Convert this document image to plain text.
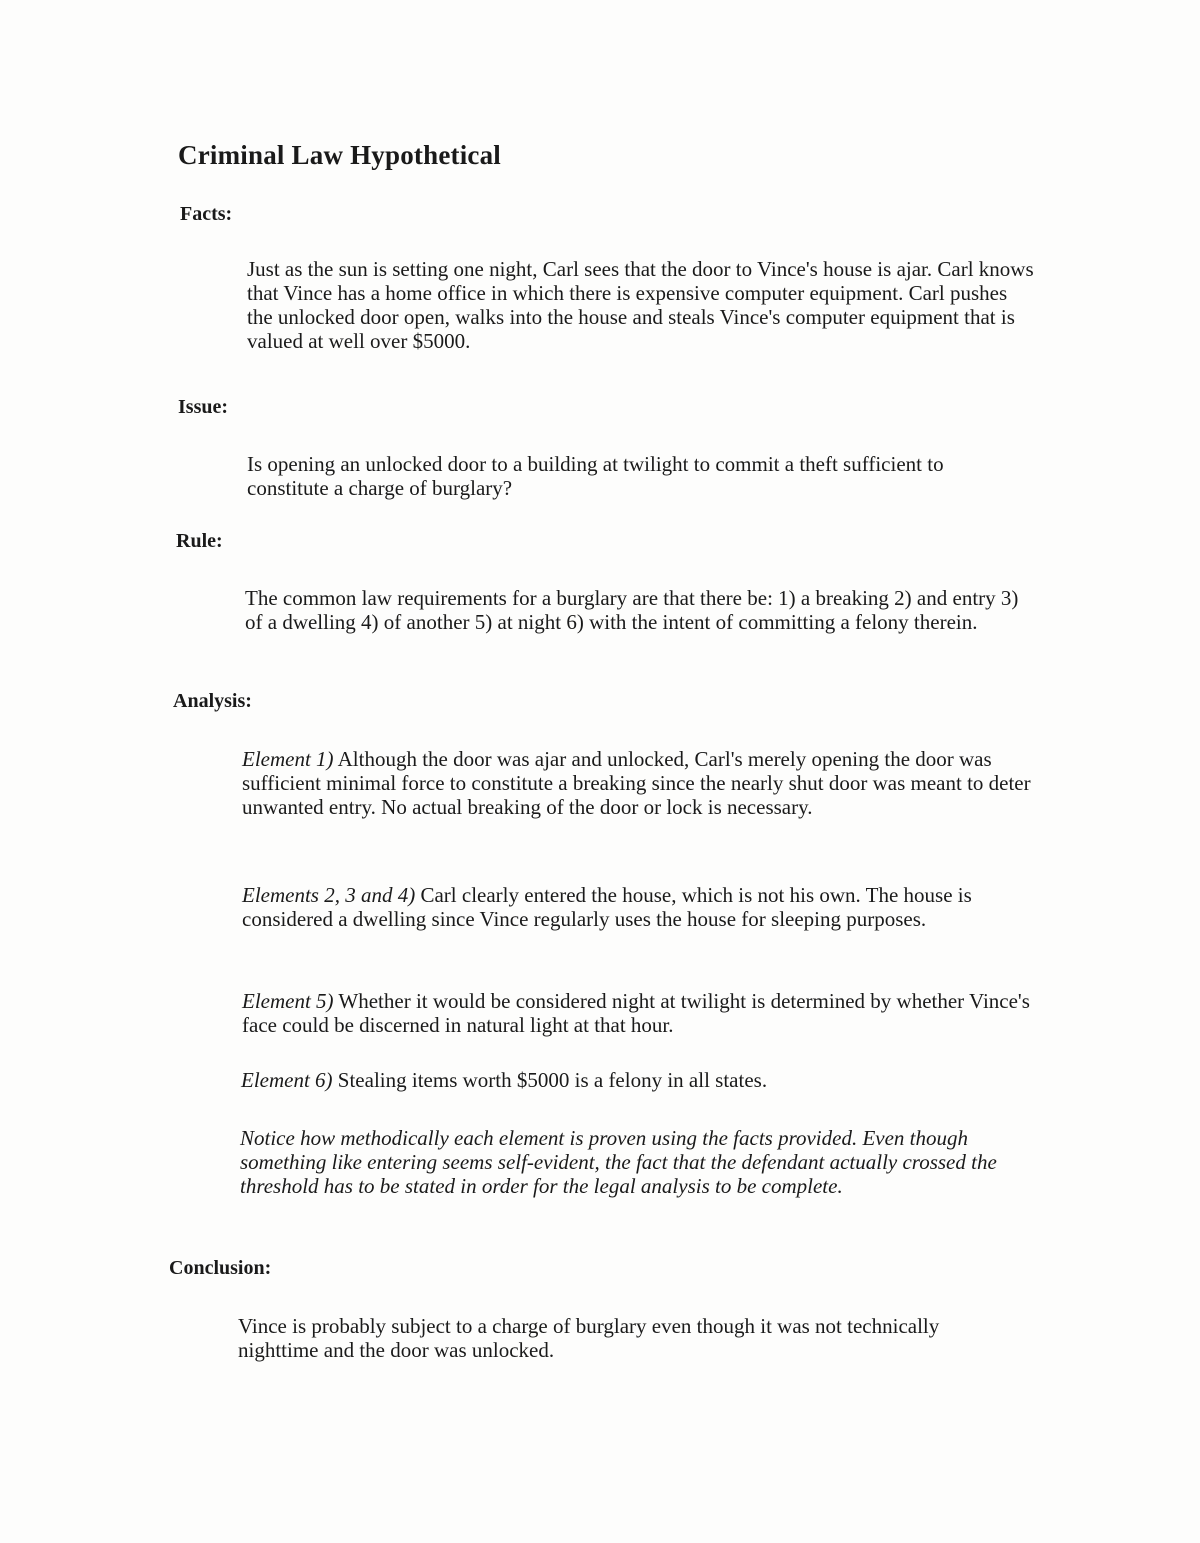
Criminal Law Hypothetical
Facts:

Just as the sun is setting one night, Carl sees that the door to Vince's house is ajar. Carl knows that Vince has a home office in which there is expensive computer equipment. Carl pushes the unlocked door open, walks into the house and steals Vince's computer equipment that is valued at well over $5000.

Issue:

Is opening an unlocked door to a building at twilight to commit a theft sufficient to constitute a charge of burglary?

Rule:

The common law requirements for a burglary are that there be: 1) a breaking 2) and entry 3) of a dwelling 4) of another 5) at night 6) with the intent of committing a felony therein.

Analysis:

Element 1) Although the door was ajar and unlocked, Carl's merely opening the door was sufficient minimal force to constitute a breaking since the nearly shut door was meant to deter unwanted entry. No actual breaking of the door or lock is necessary.

Elements 2, 3 and 4) Carl clearly entered the house, which is not his own. The house is considered a dwelling since Vince regularly uses the house for sleeping purposes.

Element 5) Whether it would be considered night at twilight is determined by whether Vince's face could be discerned in natural light at that hour.

Element 6) Stealing items worth $5000 is a felony in all states.

Notice how methodically each element is proven using the facts provided. Even though something like entering seems self-evident, the fact that the defendant actually crossed the threshold has to be stated in order for the legal analysis to be complete.

Conclusion:

Vince is probably subject to a charge of burglary even though it was not technically nighttime and the door was unlocked.
